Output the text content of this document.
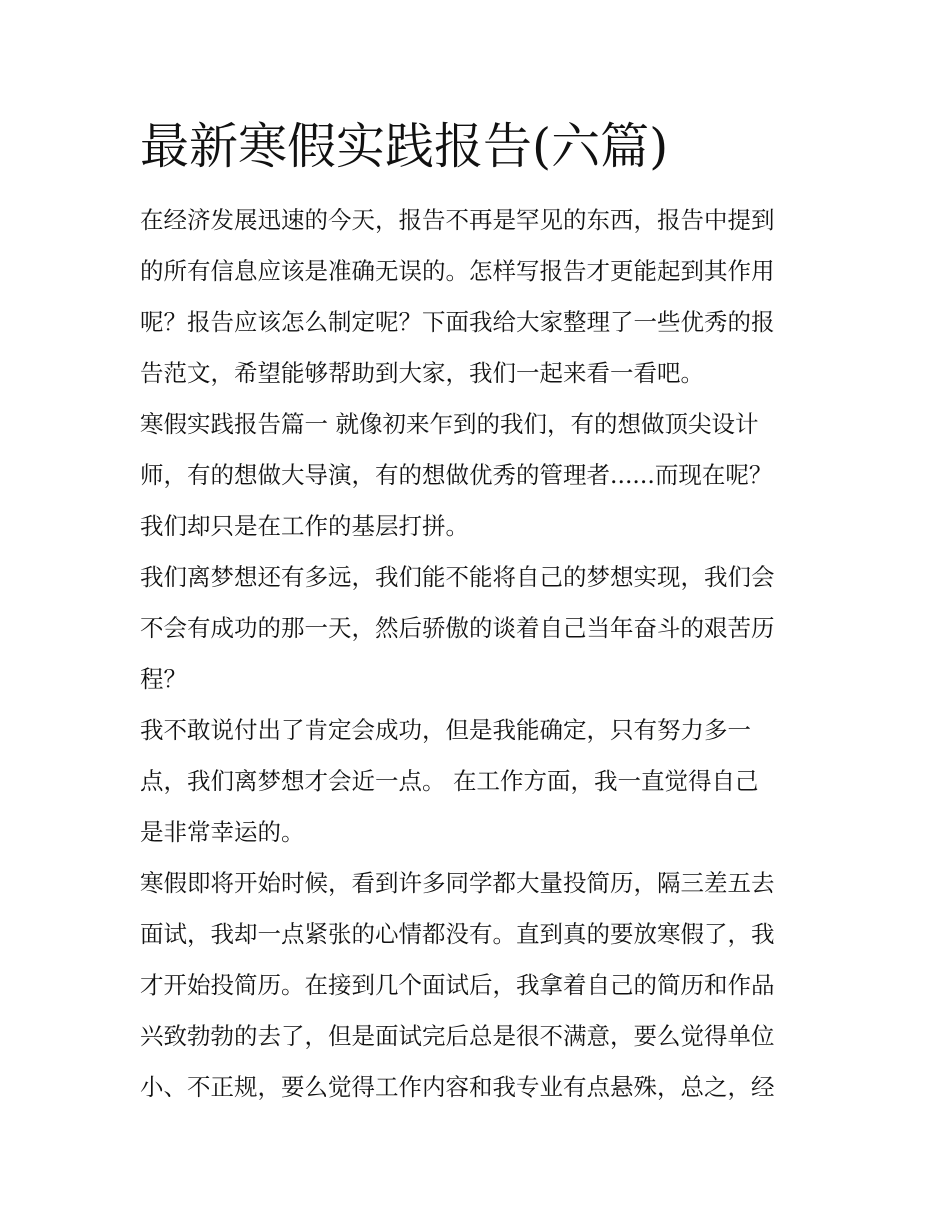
最新寒假实践报告(六篇)

在经济发展迅速的今天，报告不再是罕见的东西，报告中提到
的所有信息应该是准确无误的。怎样写报告才更能起到其作用
呢？报告应该怎么制定呢？下面我给大家整理了一些优秀的报
告范文，希望能够帮助到大家，我们一起来看一看吧。

寒假实践报告篇一 就像初来乍到的我们，有的想做顶尖设计
师，有的想做大导演，有的想做优秀的管理者......而现在呢？
我们却只是在工作的基层打拼。

我们离梦想还有多远，我们能不能将自己的梦想实现，我们会
不会有成功的那一天，然后骄傲的谈着自己当年奋斗的艰苦历
程？

我不敢说付出了肯定会成功，但是我能确定，只有努力多一
点，我们离梦想才会近一点。 在工作方面，我一直觉得自己
是非常幸运的。

寒假即将开始时候，看到许多同学都大量投简历，隔三差五去
面试，我却一点紧张的心情都没有。直到真的要放寒假了，我
才开始投简历。在接到几个面试后，我拿着自己的简历和作品
兴致勃勃的去了，但是面试完后总是很不满意，要么觉得单位
小、不正规，要么觉得工作内容和我专业有点悬殊，总之，经
